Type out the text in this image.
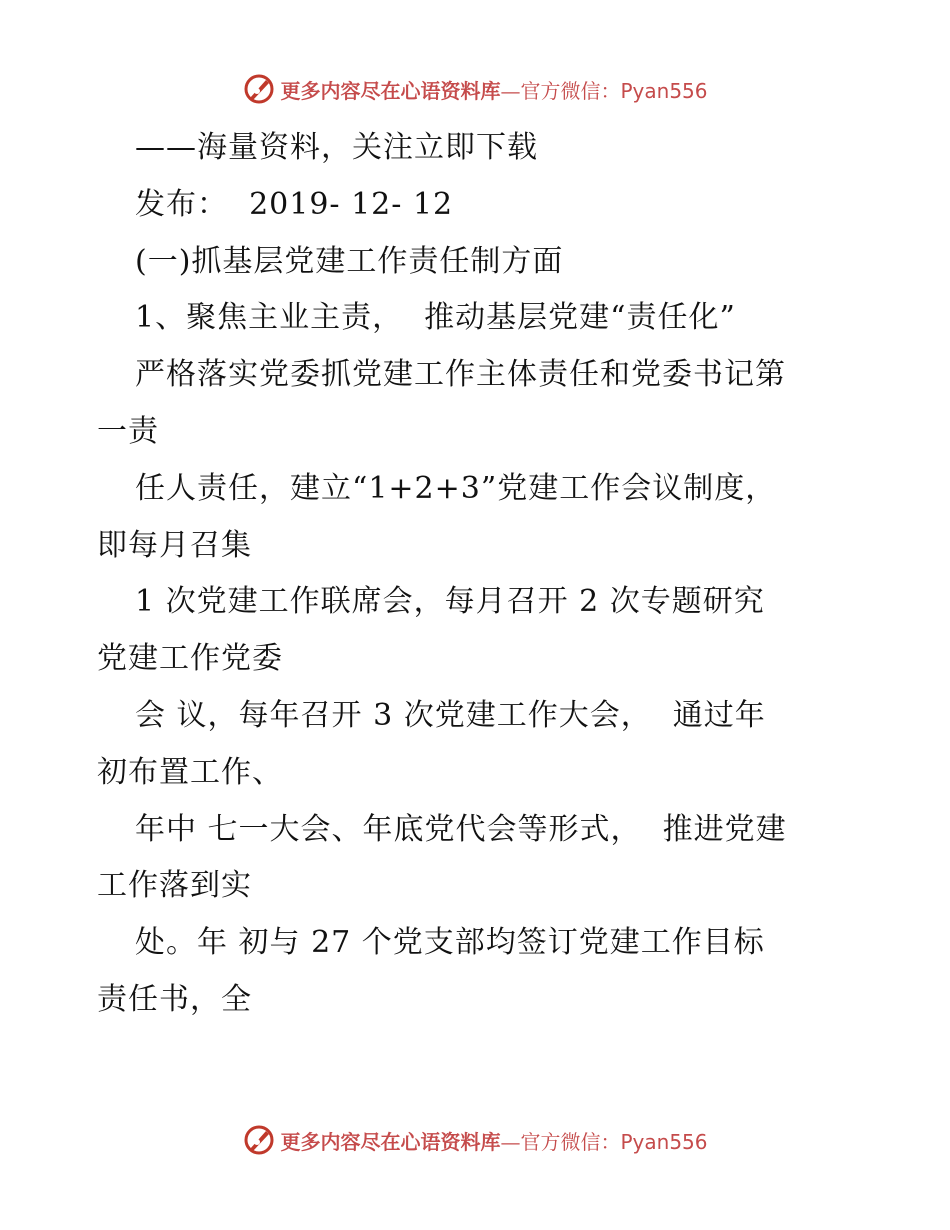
更多内容尽在心语资料库—官方微信：Pyan556
——海量资料，关注立即下载
发布：  2019- 12- 12
(一)抓基层党建工作责任制方面
1、聚焦主业主责，  推动基层党建“责任化”
严格落实党委抓党建工作主体责任和党委书记第
一责
任人责任，建立“1+2+3”党建工作会议制度，
即每月召集
1 次党建工作联席会，每月召开 2 次专题研究
党建工作党委
会 议，每年召开 3 次党建工作大会，  通过年
初布置工作、
年中 七一大会、年底党代会等形式，  推进党建
工作落到实
处。年 初与 27 个党支部均签订党建工作目标
责任书，全
更多内容尽在心语资料库—官方微信：Pyan556
